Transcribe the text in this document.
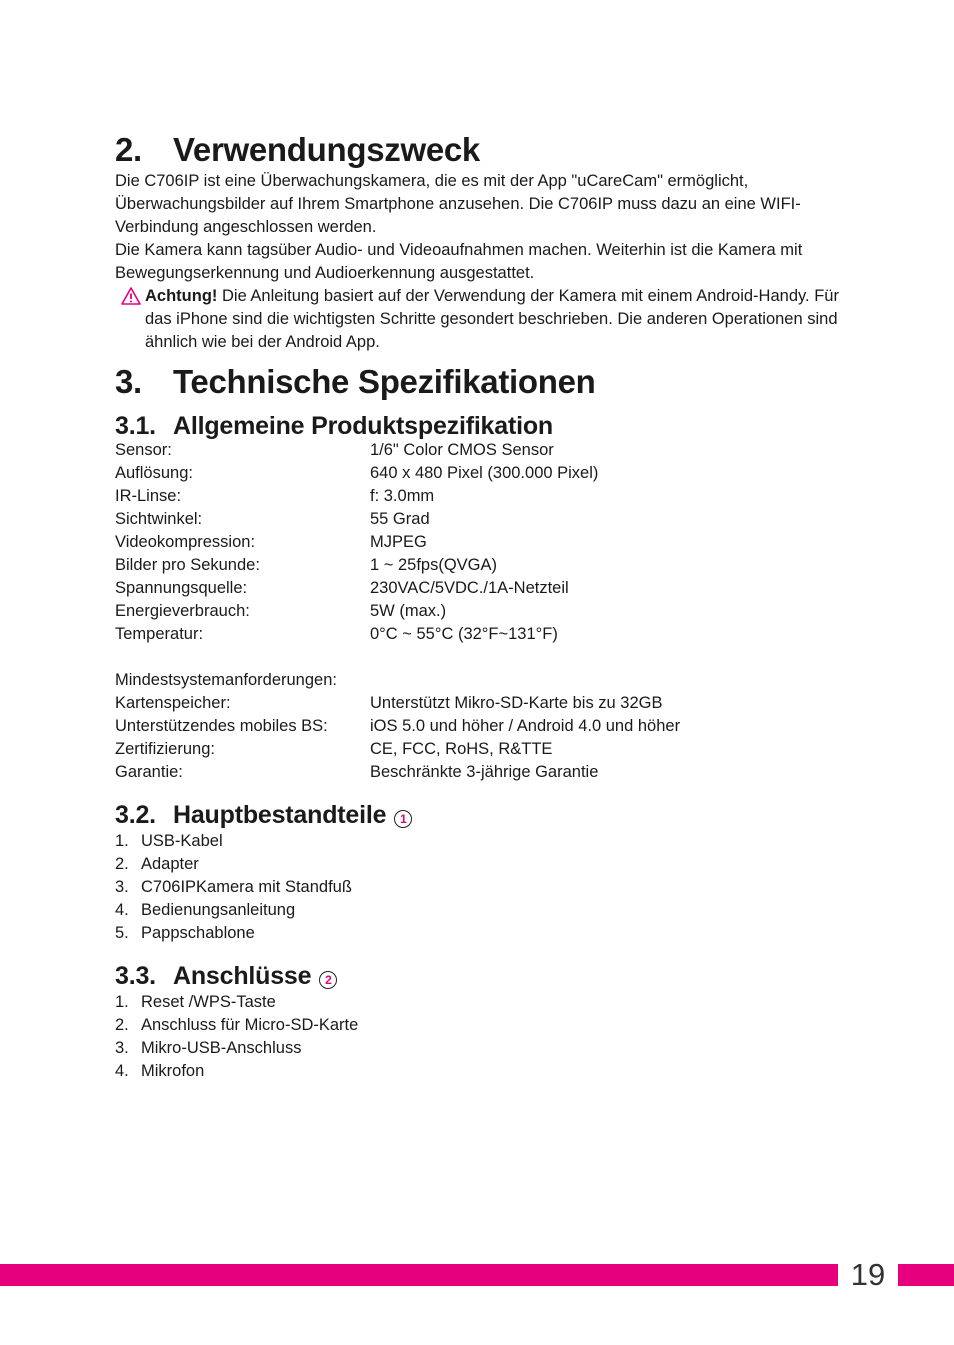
2. Verwendungszweck

Die C706IP ist eine Überwachungskamera, die es mit der App "uCareCam" ermöglicht, Überwachungsbilder auf Ihrem Smartphone anzusehen. Die C706IP muss dazu an eine WIFI-Verbindung angeschlossen werden.

Die Kamera kann tagsüber Audio- und Videoaufnahmen machen. Weiterhin ist die Kamera mit Bewegungserkennung und Audioerkennung ausgestattet.

Achtung! Die Anleitung basiert auf der Verwendung der Kamera mit einem Android-Handy. Für das iPhone sind die wichtigsten Schritte gesondert beschrieben. Die anderen Operationen sind ähnlich wie bei der Android App.
3. Technische Spezifikationen
3.1. Allgemeine Produktspezifikation
Sensor:	1/6" Color CMOS Sensor
Auflösung:	640 x 480 Pixel (300.000 Pixel)
IR-Linse:	f: 3.0mm
Sichtwinkel:	55 Grad
Videokompression:	MJPEG
Bilder pro Sekunde:	1 ~ 25fps(QVGA)
Spannungsquelle:	230VAC/5VDC./1A-Netzteil
Energieverbrauch:	5W (max.)
Temperatur:	0°C ~ 55°C (32°F~131°F)
Mindestsystemanforderungen:
Kartenspeicher:	Unterstützt Mikro-SD-Karte bis zu 32GB
Unterstützendes mobiles BS:	iOS 5.0 und höher / Android 4.0 und höher
Zertifizierung:	CE, FCC, RoHS, R&TTE
Garantie:	Beschränkte 3-jährige Garantie
3.2. Hauptbestandteile	1
1. USB-Kabel
2. Adapter
3. C706IPKamera mit Standfuß
4. Bedienungsanleitung
5. Pappschablone
3.3. Anschlüsse	2
1. Reset /WPS-Taste
2. Anschluss für Micro-SD-Karte
3. Mikro-USB-Anschluss
4. Mikrofon
19
